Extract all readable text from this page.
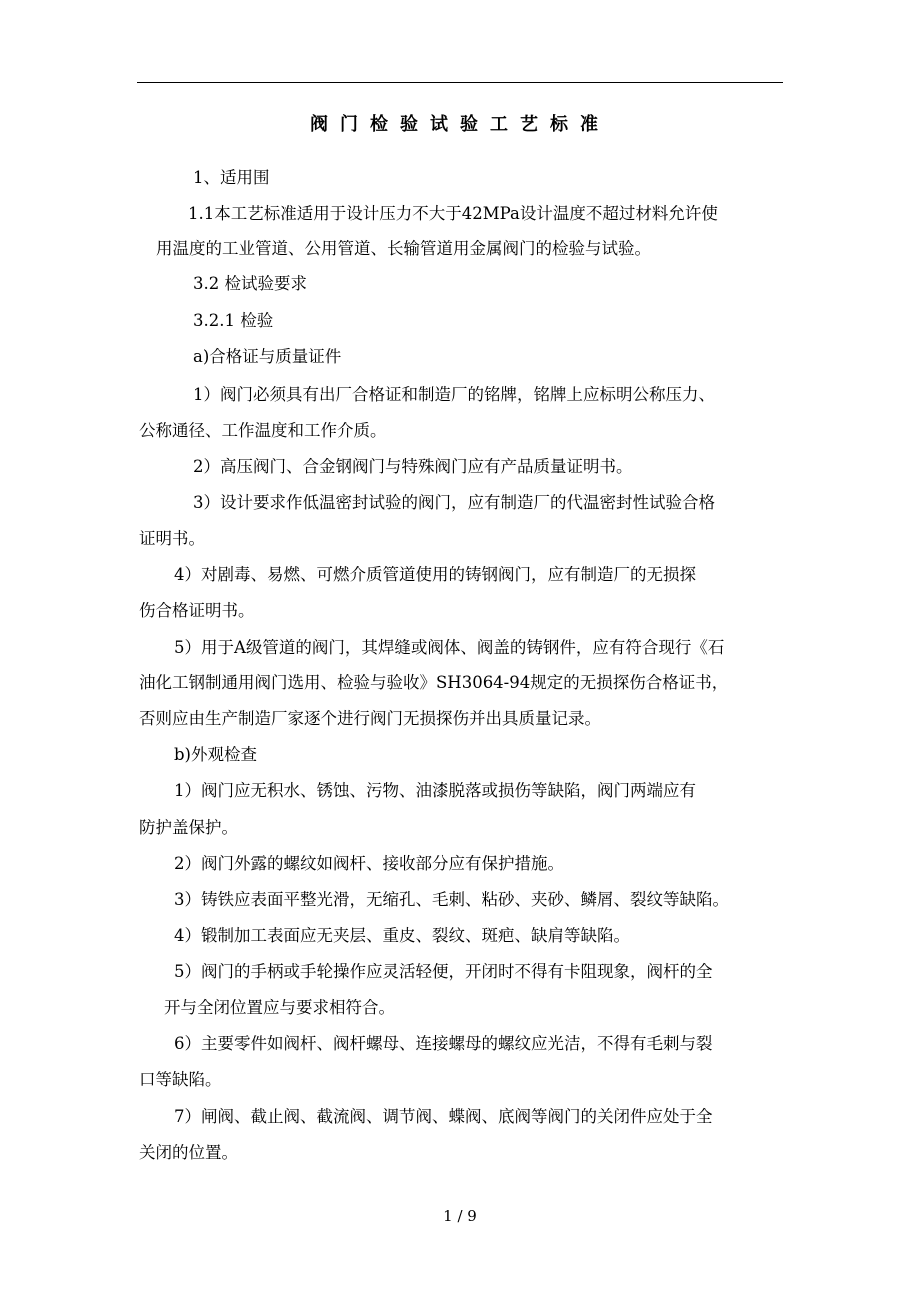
阀门检验试验工艺标准
1、适用围
1.1本工艺标准适用于设计压力不大于42MPa设计温度不超过材料允许使
用温度的工业管道、公用管道、长输管道用金属阀门的检验与试验。
3.2 检试验要求
3.2.1 检验
a)合格证与质量证件
1）阀门必须具有出厂合格证和制造厂的铭牌，铭牌上应标明公称压力、
公称通径、工作温度和工作介质。
2）高压阀门、合金钢阀门与特殊阀门应有产品质量证明书。
3）设计要求作低温密封试验的阀门，应有制造厂的代温密封性试验合格
证明书。
4）对剧毒、易燃、可燃介质管道使用的铸钢阀门，应有制造厂的无损探
伤合格证明书。
5）用于A级管道的阀门，其焊缝或阀体、阀盖的铸钢件，应有符合现行《石
油化工钢制通用阀门选用、检验与验收》SH3064-94规定的无损探伤合格证书，
否则应由生产制造厂家逐个进行阀门无损探伤并出具质量记录。
b)外观检查
1）阀门应无积水、锈蚀、污物、油漆脱落或损伤等缺陷，阀门两端应有
防护盖保护。
2）阀门外露的螺纹如阀杆、接收部分应有保护措施。
3）铸铁应表面平整光滑，无缩孔、毛刺、粘砂、夹砂、鳞屑、裂纹等缺陷。
4）锻制加工表面应无夹层、重皮、裂纹、斑疤、缺肩等缺陷。
5）阀门的手柄或手轮操作应灵活轻便，开闭时不得有卡阻现象，阀杆的全
开与全闭位置应与要求相符合。
6）主要零件如阀杆、阀杆螺母、连接螺母的螺纹应光洁，不得有毛刺与裂
口等缺陷。
7）闸阀、截止阀、截流阀、调节阀、蝶阀、底阀等阀门的关闭件应处于全
关闭的位置。
1 / 9
